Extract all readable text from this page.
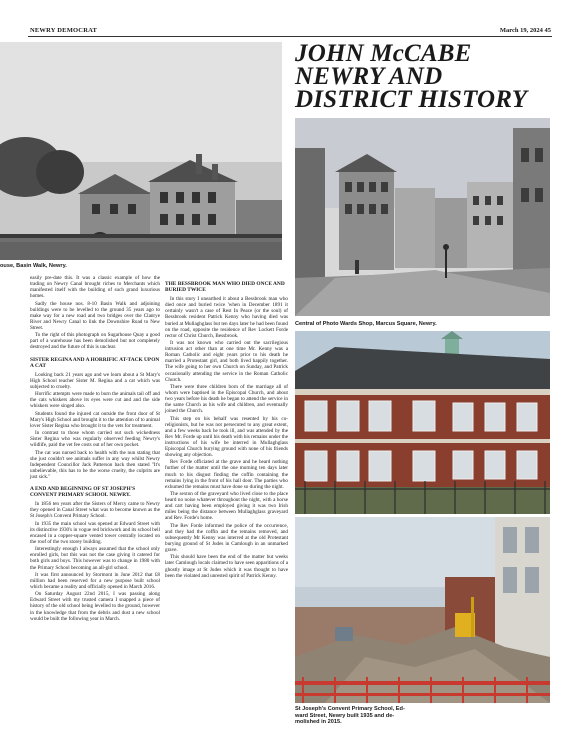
NEWRY DEMOCRAT	March 19, 2024 45
ouse, Basin Walk, Newry.
JOHN McCABE
NEWRY AND
DISTRICT HISTORY
Central of Photo Wards Shop, Marcus Square, Newry.
St Joseph's Convent Primary School, Ed-
ward Street, Newry built 1935 and de-
molished in 2015.

easily pre-date this. It was a classic example of how the trading on Newry Canal brought riches to Merchants which manifested itself with the building of such grand luxurious homes.

Sadly the house nos. 8-10 Basin Walk and adjoining buildings were to be levelled to the ground 35 years ago to make way for a new road and two bridges over the Clanrye River and Newry Canal to link the Downshire Road to New Street.

To the right of this photograph on Sugarhouse Quay a good part of a warehouse has been demolished but not completely destroyed and the future of this is unclear.

SISTER REGINA AND A HORRIFIC AT-TACK UPON A CAT

Looking back 21 years ago and we learn about a St Mary's High School teacher Sister M. Regina and a cat which was subjected to cruelty.

Horrific attempts were made to burn the animals tail off and the cats whiskers above its eyes were cut and and the side whiskers were singed also.

Students found the injured cat outside the front door of St Mary's High School and brought it to the attention of to animal lover Sister Regina who brought it to the vets for treatment.

In contrast to those whom carried out such wickedness Sister Regina who was regularly observed feeding Newry's wildlife, paid the vet fee costs out of her own pocket.

The cat was nursed back to health with the nun stating that she just couldn't see animals suffer in any way whilst Newry Independent Councillor Jack Patterson back then stated "It's unbelievable, this has to be the worse cruelty, the culprits are just sick."

A END AND BEGINNING OF ST JOSEPH'S CONVENT PRIMARY SCHOOL NEWRY.

In 1856 ten years after the Sisters of Mercy came to Newry they opened in Canal Street what was to become known as the St Joseph's Convent Primary School.

In 1935 the main school was opened at Edward Street with its distinctive 1930's in vogue red brickwork and its school bell encased in a copper-square vented tower centrally located on the roof of the two storey building.

Interestingly enough I always assumed that the school only enrolled girls, but this was not the case giving it catered for both girls and boys. This however was to change in 1980 with the Primary School becoming an all-girl school.

It was first announced by Stormont in June 2012 that £8 million had been reserved for a new purpose built school which became a reality and officially opened in March 2016.

On Saturday August 22nd 2015, I was passing along Edward Street with my trusted camera I snapped a piece of history of the old school being levelled to the ground, however in the knowledge that from the debris and dust a new school would be built the following year in March.

THE BESSBROOK MAN WHO DIED ONCE AND BURIED TWICE

In this story I unearthed it about a Bessbrook man who died once and buried twice 'when in December 1891 it certainly wasn't a case of Rest In Peace (or the soul) of Bessbrook resident Patrick Kenny who having died was buried at Mullaghglass but ten days later he had been found on the road, opposite the residence of Rev Lockett Forde rector of Christ Church, Bessbrook.

It was not known who carried out the sacrilegious intrusion act other than at one time Mr. Kenny was a Roman Catholic and eight years prior to his death he married a Protestant girl, and both lived happily together. The wife going to her own Church on Sunday, and Patrick occasionally attending the service in the Roman Catholic Church.

There were three children born of the marriage all of whom were baptised in the Episcopal Church, and about two years before his death he began to attend the service in the same Church as his wife and children, and eventually joined the Church.

This step on his behalf was resented by his co-religionists, but he was not persecuted to any great extent, and a few weeks back he took ill, and was attended by the Rev Mr. Forde up until his death with his remains under the instructions of his wife be interred in Mullaghglass Episcopal Church burying ground with none of his friends showing any objection.

Rev Forde officiated at the grave and he heard nothing further of the matter until the one morning ten days later much to his disgust finding the coffin containing the remains lying in the front of his hall door. The parties who exhumed the remains must have done so during the night.

The sexton of the graveyard who lived close to the place heard no noise whatever throughout the night, with a horse and cart having been employed giving it was two Irish miles being the distance between Mullaghglass graveyard and Rev. Forde's home.

The Rev Forde informed the police of the occurrence, and they had the coffin and the remains removed, and subsequently Mr Kenny was interred at the old Protestant burying ground of St Judes in Camlough in an unmarked grave.

This should have been the end of the matter but weeks later Camlough locals claimed to have seen apparitions of a ghostly image at St Judes which it was thought to have been the violated and unrested spirit of Patrick Kenny.
